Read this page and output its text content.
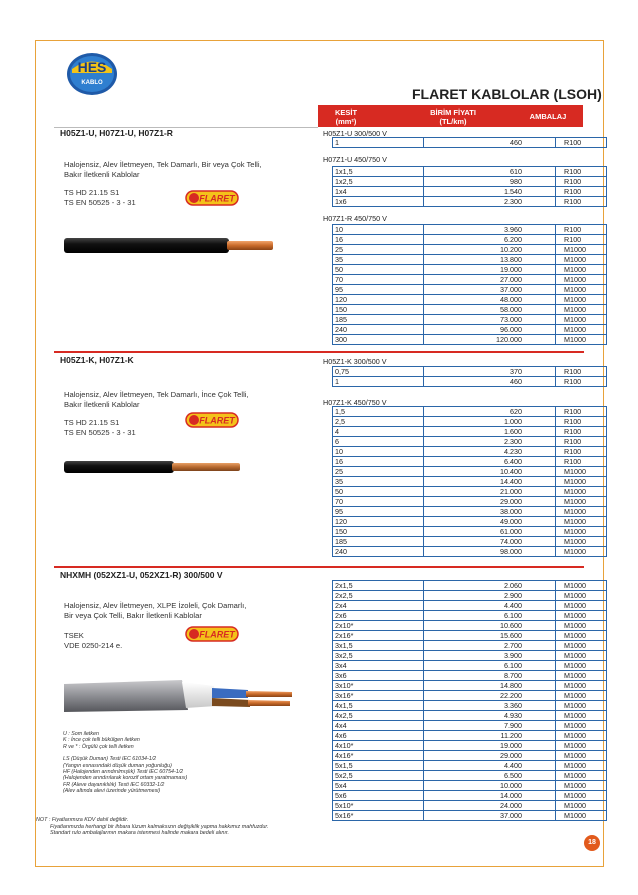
HES
KABLO
FLARET KABLOLAR (LSOH)
KESİT
(mm²)
BİRİM FİYATI
(TL/km)
AMBALAJ
H05Z1-U, H07Z1-U, H07Z1-R
Halojensiz, Alev İletmeyen, Tek Damarlı, Bir veya Çok Telli,
Bakır İletkenli Kablolar
TS HD 21.15 S1
TS EN 50525 - 3 - 31	FLARET
H05Z1-K, H07Z1-K
Halojensiz, Alev İletmeyen, Tek Damarlı, İnce Çok Telli,
Bakır İletkenli Kablolar
TS HD 21.15 S1
TS EN 50525 - 3 - 31
FLARET
NHXMH (052XZ1-U, 052XZ1-R) 300/500 V
Halojensiz, Alev İletmeyen, XLPE İzoleli, Çok Damarlı,
Bir veya Çok Telli, Bakır İletkenli Kablolar
TSEK
VDE 0250-214 e.
FLARET
U : Som iletken
K : İnce çok telli bükülgen iletken
R ve * : Örgülü çok telli iletken
LS (Düşük Duman) Testi IEC 61034-1/2
(Yangın esnasındaki düşük duman yoğunluğu)
HF (Halojenden arındırılmışlık) Testi IEC 60754-1/2
(Halojenden arındırılarak korozif ortam yaratmaması)
FR (Aleve dayanıklılık) Testi IEC 60332-1/2
(Alev altında alevi üzerinde yürütmemesi)
NOT : Fiyatlarımıza KDV dahil değildir.
Fiyatlarımızda herhangi bir ihbara lüzum kalmaksızın değişiklik yapma hakkımız mahfuzdur.
Standart rulo ambalajlarının makara istenmesi halinde makara bedeli alınır.
18
H05Z1-U 300/500 V
1	460	R100
H07Z1-U 450/750 V
1x1,5	610	R100
1x2,5	980	R100
1x4	1.540	R100
1x6	2.300	R100
H07Z1-R 450/750 V
10	3.960	R100
16	6.200	R100
25	10.200	M1000
35	13.800	M1000
50	19.000	M1000
70	27.000	M1000
95	37.000	M1000
120	48.000	M1000
150	58.000	M1000
185	73.000	M1000
240	96.000	M1000
300	120.000	M1000
H05Z1-K 300/500 V
0,75	370	R100
1	460	R100
H07Z1-K 450/750 V
1,5	620	R100
2,5	1.000	R100
4	1.600	R100
6	2.300	R100
10	4.230	R100
16	6.400	R100
25	10.400	M1000
35	14.400	M1000
50	21.000	M1000
70	29.000	M1000
95	38.000	M1000
120	49.000	M1000
150	61.000	M1000
185	74.000	M1000
240	98.000	M1000
2x1,5	2.060	M1000
2x2,5	2.900	M1000
2x4	4.400	M1000
2x6	6.100	M1000
2x10*	10.600	M1000
2x16*	15.600	M1000
3x1,5	2.700	M1000
3x2,5	3.900	M1000
3x4	6.100	M1000
3x6	8.700	M1000
3x10*	14.800	M1000
3x16*	22.200	M1000
4x1,5	3.360	M1000
4x2,5	4.930	M1000
4x4	7.900	M1000
4x6	11.200	M1000
4x10*	19.000	M1000
4x16*	29.000	M1000
5x1,5	4.400	M1000
5x2,5	6.500	M1000
5x4	10.000	M1000
5x6	14.000	M1000
5x10*	24.000	M1000
5x16*	37.000	M1000
